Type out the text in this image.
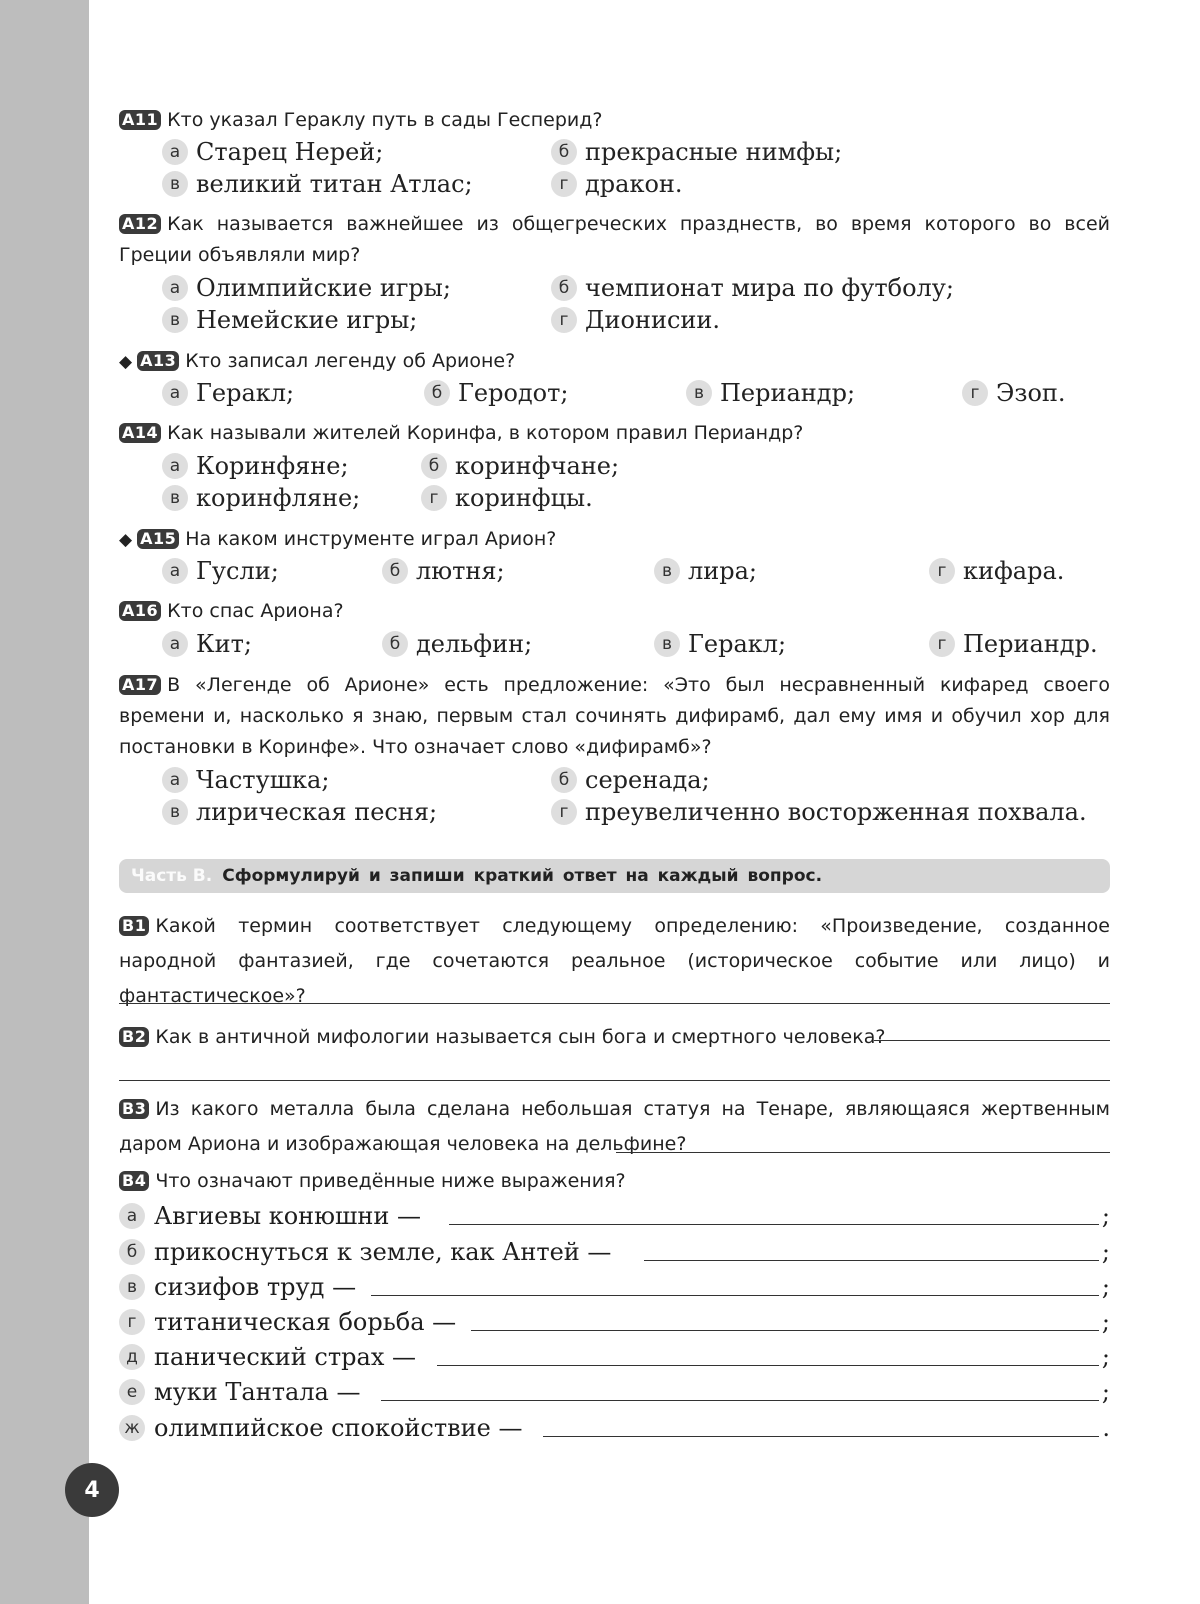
4
A11 Кто указал Гераклу путь в сады Гесперид?
а Старец Нерей;	б прекрасные нимфы;
в великий титан Атлас;	г дракон.
A12 Как называется важнейшее из общегреческих празднеств, во время которого во всей Греции объявляли мир?
а Олимпийские игры;	б чемпионат мира по футболу;
в Немейские игры;	г Дионисии.
◆ A13 Кто записал легенду об Арионе?
а Геракл;	б Геродот;	в Периандр;	г Эзоп.
A14 Как называли жителей Коринфа, в котором правил Периандр?
а Коринфяне;	б коринфчане;
в коринфляне;	г коринфцы.
◆ A15 На каком инструменте играл Арион?
а Гусли;	б лютня;	в лира;	г кифара.
A16 Кто спас Ариона?
а Кит;	б дельфин;	в Геракл;	г Периандр.
A17 В «Легенде об Арионе» есть предложение: «Это был несравненный кифаред своего времени и, насколько я знаю, первым стал сочинять дифирамб, дал ему имя и обучил хор для постановки в Коринфе». Что означает слово «дифирамб»?
а Частушка;	б серенада;
в лирическая песня;	г преувеличенно восторженная похвала.
Часть В. Сформулируй и запиши краткий ответ на каждый вопрос.
B1 Какой термин соответствует следующему определению: «Произведение, созданное народной фантазией, где сочетаются реальное (историческое событие или лицо) и фантастическое»?
B2 Как в античной мифологии называется сын бога и смертного человека?
B3 Из какого металла была сделана небольшая статуя на Тенаре, являющаяся жертвенным даром Ариона и изображающая человека на дельфине?
B4 Что означают приведённые ниже выражения?
а Авгиевы конюшни —	;
б прикоснуться к земле, как Антей —	;
в сизифов труд —	;
г титаническая борьба —	;
д панический страх —	;
е муки Тантала —	;
ж олимпийское спокойствие —	.
